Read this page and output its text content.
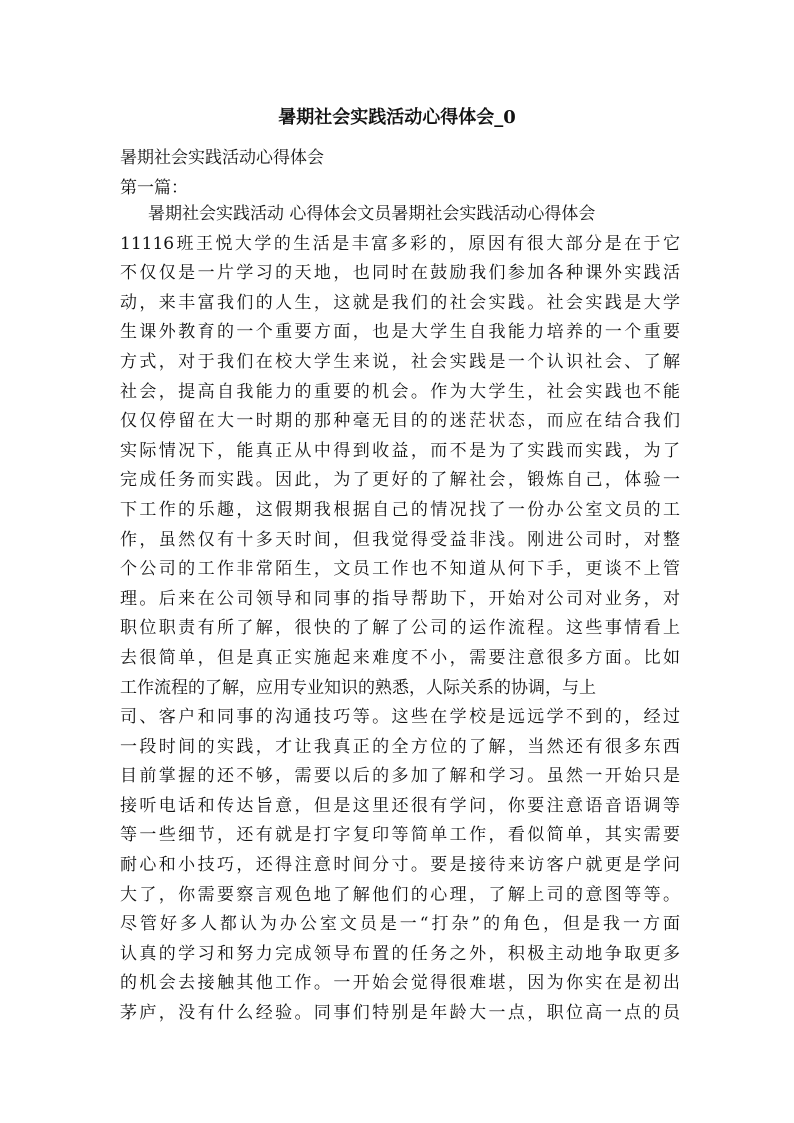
暑期社会实践活动心得体会_0
暑期社会实践活动心得体会
第一篇：
暑期社会实践活动 心得体会文员暑期社会实践活动心得体会
11116班王悦大学的生活是丰富多彩的，原因有很大部分是在于它
不仅仅是一片学习的天地，也同时在鼓励我们参加各种课外实践活
动，来丰富我们的人生，这就是我们的社会实践。社会实践是大学
生课外教育的一个重要方面，也是大学生自我能力培养的一个重要
方式，对于我们在校大学生来说，社会实践是一个认识社会、了解
社会，提高自我能力的重要的机会。作为大学生，社会实践也不能
仅仅停留在大一时期的那种毫无目的的迷茫状态，而应在结合我们
实际情况下，能真正从中得到收益，而不是为了实践而实践，为了
完成任务而实践。因此，为了更好的了解社会，锻炼自己，体验一
下工作的乐趣，这假期我根据自己的情况找了一份办公室文员的工
作，虽然仅有十多天时间，但我觉得受益非浅。刚进公司时，对整
个公司的工作非常陌生，文员工作也不知道从何下手，更谈不上管
理。后来在公司领导和同事的指导帮助下，开始对公司对业务，对
职位职责有所了解，很快的了解了公司的运作流程。这些事情看上
去很简单，但是真正实施起来难度不小，需要注意很多方面。比如
工作流程的了解，应用专业知识的熟悉，人际关系的协调，与上
司、客户和同事的沟通技巧等。这些在学校是远远学不到的，经过
一段时间的实践，才让我真正的全方位的了解，当然还有很多东西
目前掌握的还不够，需要以后的多加了解和学习。虽然一开始只是
接听电话和传达旨意，但是这里还很有学问，你要注意语音语调等
等一些细节，还有就是打字复印等简单工作，看似简单，其实需要
耐心和小技巧，还得注意时间分寸。要是接待来访客户就更是学问
大了，你需要察言观色地了解他们的心理，了解上司的意图等等。
尽管好多人都认为办公室文员是一“打杂”的角色，但是我一方面
认真的学习和努力完成领导布置的任务之外，积极主动地争取更多
的机会去接触其他工作。一开始会觉得很难堪，因为你实在是初出
茅庐，没有什么经验。同事们特别是年龄大一点，职位高一点的员
